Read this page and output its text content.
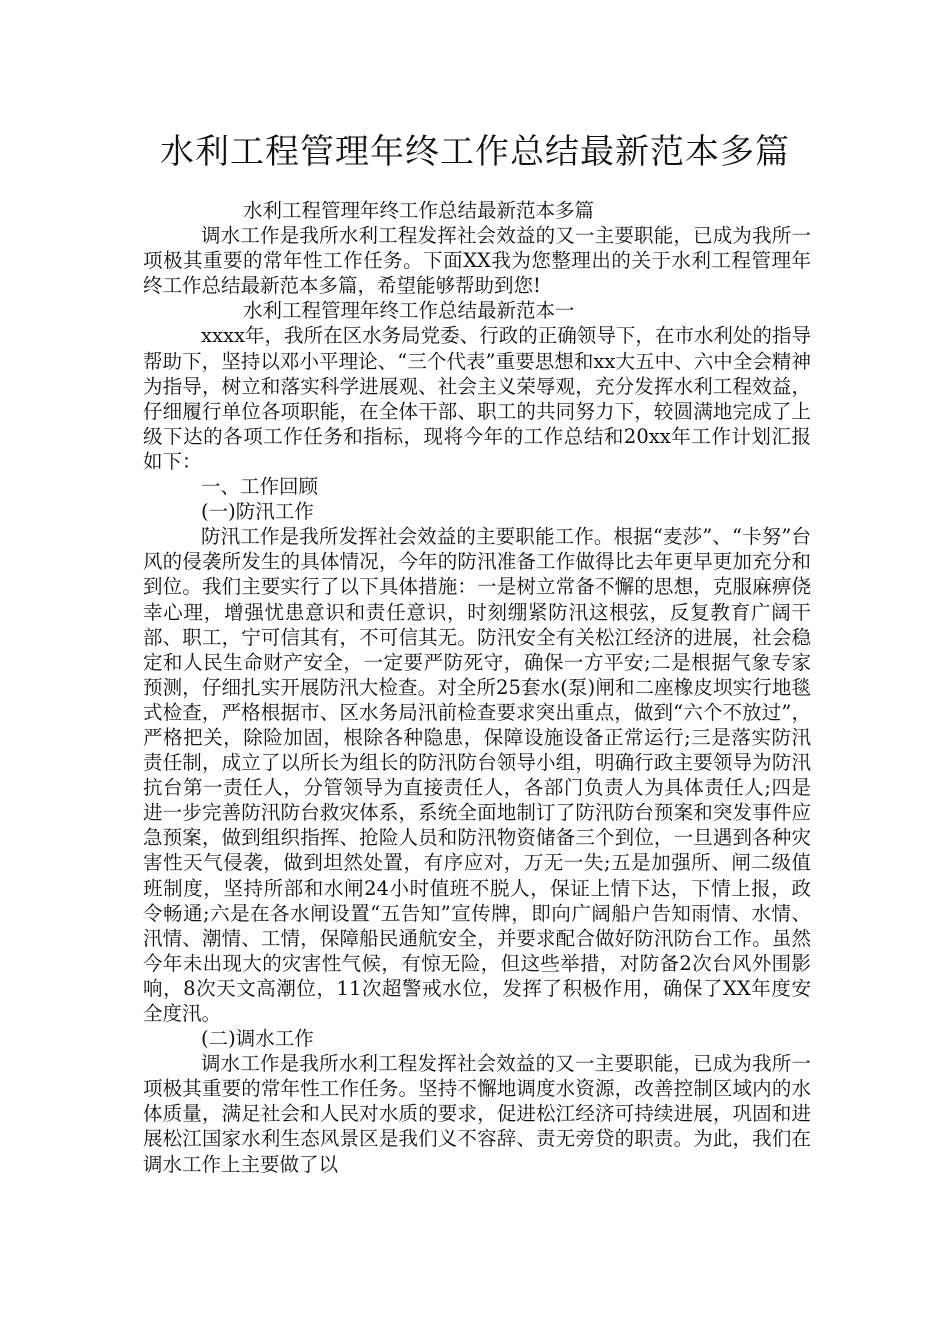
水利工程管理年终工作总结最新范本多篇

水利工程管理年终工作总结最新范本多篇

调水工作是我所水利工程发挥社会效益的又一主要职能，已成为我所一项极其重要的常年性工作任务。下面XX我为您整理出的关于水利工程管理年终工作总结最新范本多篇，希望能够帮助到您!

水利工程管理年终工作总结最新范本一

xxxx年，我所在区水务局党委、行政的正确领导下，在市水利处的指导帮助下，坚持以邓小平理论、“三个代表”重要思想和xx大五中、六中全会精神为指导，树立和落实科学进展观、社会主义荣辱观，充分发挥水利工程效益，仔细履行单位各项职能，在全体干部、职工的共同努力下，较圆满地完成了上级下达的各项工作任务和指标，现将今年的工作总结和20xx年工作计划汇报如下：

一、工作回顾

(一)防汛工作

防汛工作是我所发挥社会效益的主要职能工作。根据“麦莎”、“卡努”台风的侵袭所发生的具体情况，今年的防汛准备工作做得比去年更早更加充分和到位。我们主要实行了以下具体措施：一是树立常备不懈的思想，克服麻痹侥幸心理，增强忧患意识和责任意识，时刻绷紧防汛这根弦，反复教育广阔干部、职工，宁可信其有，不可信其无。防汛安全有关松江经济的进展，社会稳定和人民生命财产安全，一定要严防死守，确保一方平安;二是根据气象专家预测，仔细扎实开展防汛大检查。对全所25套水(泵)闸和二座橡皮坝实行地毯式检查，严格根据市、区水务局汛前检查要求突出重点，做到“六个不放过”，严格把关，除险加固，根除各种隐患，保障设施设备正常运行;三是落实防汛责任制，成立了以所长为组长的防汛防台领导小组，明确行政主要领导为防汛抗台第一责任人，分管领导为直接责任人，各部门负责人为具体责任人;四是进一步完善防汛防台救灾体系，系统全面地制订了防汛防台预案和突发事件应急预案，做到组织指挥、抢险人员和防汛物资储备三个到位，一旦遇到各种灾害性天气侵袭，做到坦然处置，有序应对，万无一失;五是加强所、闸二级值班制度，坚持所部和水闸24小时值班不脱人，保证上情下达，下情上报，政令畅通;六是在各水闸设置“五告知”宣传牌，即向广阔船户告知雨情、水情、汛情、潮情、工情，保障船民通航安全，并要求配合做好防汛防台工作。虽然今年未出现大的灾害性气候，有惊无险，但这些举措，对防备2次台风外围影响，8次天文高潮位，11次超警戒水位，发挥了积极作用，确保了XX年度安全度汛。

(二)调水工作

调水工作是我所水利工程发挥社会效益的又一主要职能，已成为我所一项极其重要的常年性工作任务。坚持不懈地调度水资源，改善控制区域内的水体质量，满足社会和人民对水质的要求，促进松江经济可持续进展，巩固和进展松江国家水利生态风景区是我们义不容辞、责无旁贷的职责。为此，我们在调水工作上主要做了以
